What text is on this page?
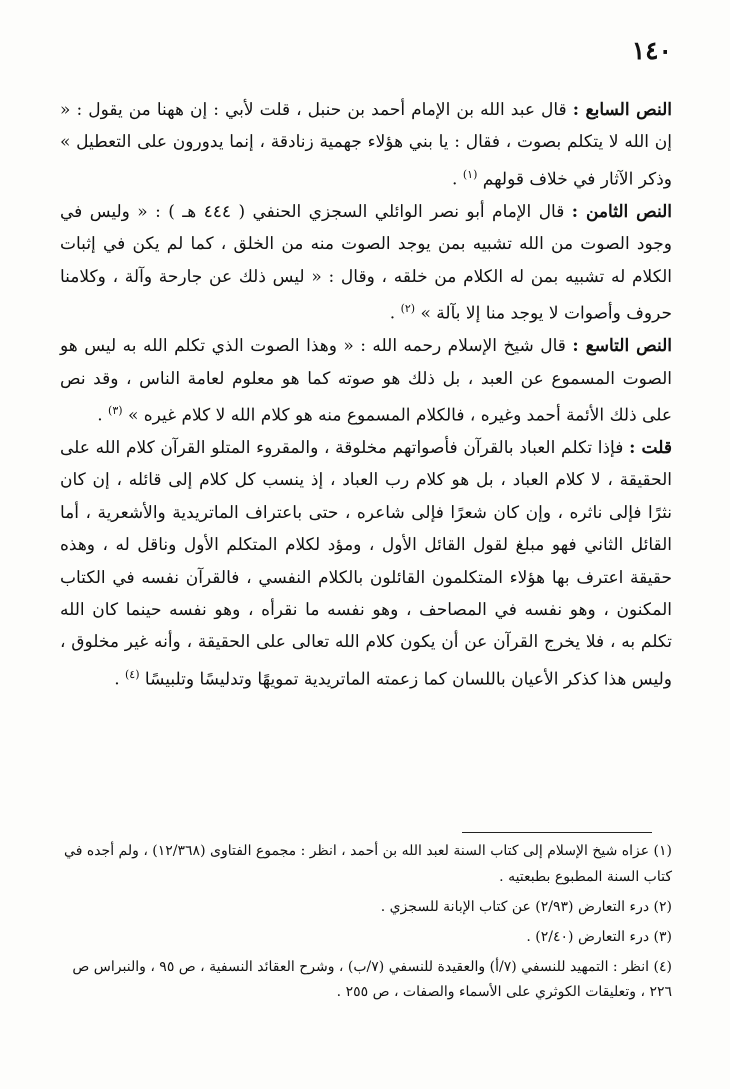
١٤٠

النص السابع : قال عبد الله بن الإمام أحمد بن حنبل ، قلت لأبي : إن ههنا من يقول : « إن الله لا يتكلم بصوت ، فقال : يا بني هؤلاء جهمية زنادقة ، إنما يدورون على التعطيل » وذكر الآثار في خلاف قولهم $^{(١)}$ .

النص الثامن : قال الإمام أبو نصر الوائلي السجزي الحنفي ( ٤٤٤ هـ ) : « وليس في وجود الصوت من الله تشبيه بمن يوجد الصوت منه من الخلق ، كما لم يكن في إثبات الكلام له تشبيه بمن له الكلام من خلقه ، وقال : « ليس ذلك عن جارحة وآلة ، وكلامنا حروف وأصوات لا يوجد منا إلا بآلة » $^{(٢)}$ .

النص التاسع : قال شيخ الإسلام رحمه الله : « وهذا الصوت الذي تكلم الله به ليس هو الصوت المسموع عن العبد ، بل ذلك هو صوته كما هو معلوم لعامة الناس ، وقد نص على ذلك الأئمة أحمد وغيره ، فالكلام المسموع منه هو كلام الله لا كلام غيره » $^{(٣)}$ .

قلت : فإذا تكلم العباد بالقرآن فأصواتهم مخلوقة ، والمقروء المتلو القرآن كلام الله على الحقيقة ، لا كلام العباد ، بل هو كلام رب العباد ، إذ ينسب كل كلام إلى قائله ، إن كان نثرًا فإلى ناثره ، وإن كان شعرًا فإلى شاعره ، حتى باعتراف الماتريدية والأشعرية ، أما القائل الثاني فهو مبلغ لقول القائل الأول ، ومؤد لكلام المتكلم الأول وناقل له ، وهذه حقيقة اعترف بها هؤلاء المتكلمون القائلون بالكلام النفسي ، فالقرآن نفسه في الكتاب المكنون ، وهو نفسه في المصاحف ، وهو نفسه ما نقرأه ، وهو نفسه حينما كان الله تكلم به ، فلا يخرج القرآن عن أن يكون كلام الله تعالى على الحقيقة ، وأنه غير مخلوق ، وليس هذا كذكر الأعيان باللسان كما زعمته الماتريدية تمويهًا وتدليسًا وتلبيسًا $^{(٤)}$ .

(١) عزاه شيخ الإسلام إلى كتاب السنة لعبد الله بن أحمد ، انظر : مجموع الفتاوى (١٢/٣٦٨) ، ولم أجده في كتاب السنة المطبوع بطبعتيه .

(٢) درء التعارض (٢/٩٣) عن كتاب الإبانة للسجزي .

(٣) درء التعارض (٢/٤٠) .

(٤) انظر : التمهيد للنسفي (٧/أ) والعقيدة للنسفي (٧/ب) ، وشرح العقائد النسفية ، ص ٩٥ ، والنبراس ص ٢٢٦ ، وتعليقات الكوثري على الأسماء والصفات ، ص ٢٥٥ .
